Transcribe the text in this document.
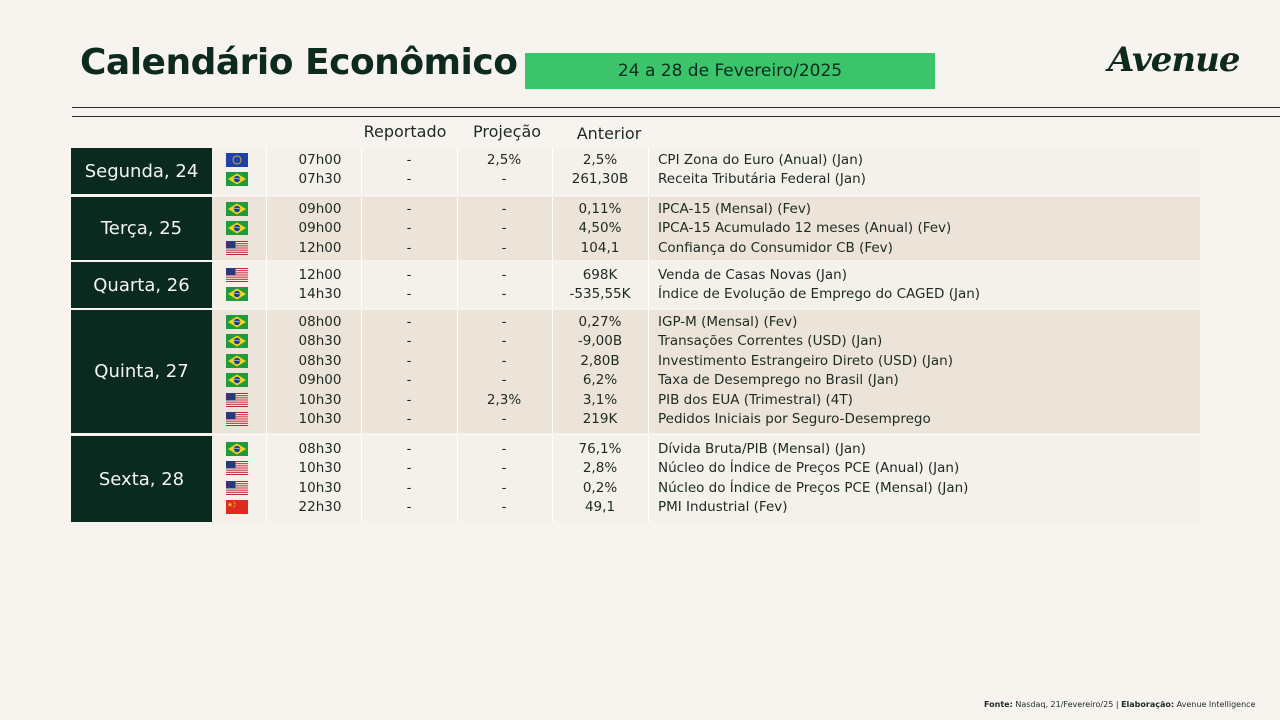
Calendário Econômico	24 a 28 de Fevereiro/2025	Avenue
Reportado	Projeção	Anterior
Segunda, 24
07h00	-	2,5%	2,5%	CPI Zona do Euro (Anual) (Jan)
07h30	-	-	261,30B	Receita Tributária Federal (Jan)
Terça, 25
09h00	-	-	0,11%	IPCA-15 (Mensal) (Fev)
09h00	-	-	4,50%	IPCA-15 Acumulado 12 meses (Anual) (Fev)
12h00	-	-	104,1	Confiança do Consumidor CB (Fev)
Quarta, 26	12h00	-	-	698K	Venda de Casas Novas (Jan)
14h30	-	-	-535,55K	Índice de Evolução de Emprego do CAGED (Jan)
Quinta, 27
08h00	-	-	0,27%	IGP-M (Mensal) (Fev)
08h30	-	-	-9,00B	Transações Correntes (USD) (Jan)
08h30	-	-	2,80B	Investimento Estrangeiro Direto (USD) (Jan)
09h00	-	-	6,2%	Taxa de Desemprego no Brasil (Jan)
10h30	-	2,3%	3,1%	PIB dos EUA (Trimestral) (4T)
10h30	-	-	219K	Pedidos Iniciais por Seguro-Desemprego
Sexta, 28
08h30	-	-	76,1%	Dívida Bruta/PIB (Mensal) (Jan)
10h30	-	-	2,8%	Núcleo do Índice de Preços PCE (Anual) (Jan)
10h30	-	-	0,2%	Núcleo do Índice de Preços PCE (Mensal) (Jan)
22h30	-	-	49,1	PMI Industrial (Fev)
Fonte: Nasdaq, 21/Fevereiro/25 | Elaboração: Avenue Intelligence
